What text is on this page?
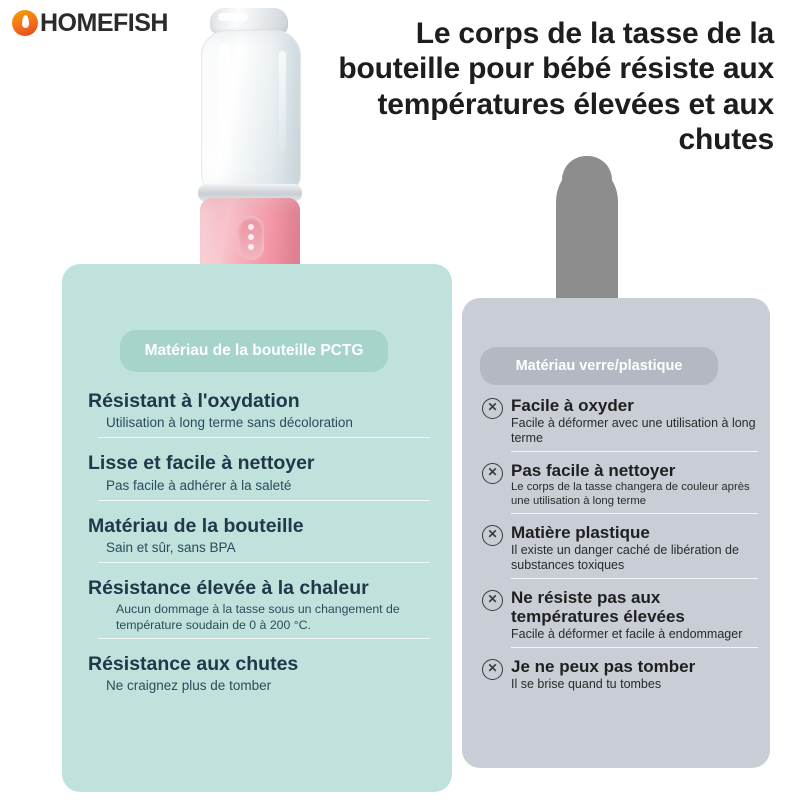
HOMEFISH	Le corps de la tasse de la bouteille pour bébé résiste aux températures élevées et aux chutes
Matériau de la bouteille PCTG

Résistant à l'oxydation

Utilisation à long terme sans décoloration

Lisse et facile à nettoyer

Pas facile à adhérer à la saleté

Matériau de la bouteille

Sain et sûr, sans BPA

Résistance élevée à la chaleur

Aucun dommage à la tasse sous un changement de température soudain de 0 à 200 °C.

Résistance aux chutes

Ne craignez plus de tomber

Matériau verre/plastique
✕ Facile à oxyder

Facile à déformer avec une utilisation à long terme

✕ Pas facile à nettoyer

Le corps de la tasse changera de couleur après une utilisation à long terme

✕ Matière plastique

Il existe un danger caché de libération de substances toxiques

✕ Ne résiste pas aux températures élevées

Facile à déformer et facile à endommager

✕ Je ne peux pas tomber

Il se brise quand tu tombes
